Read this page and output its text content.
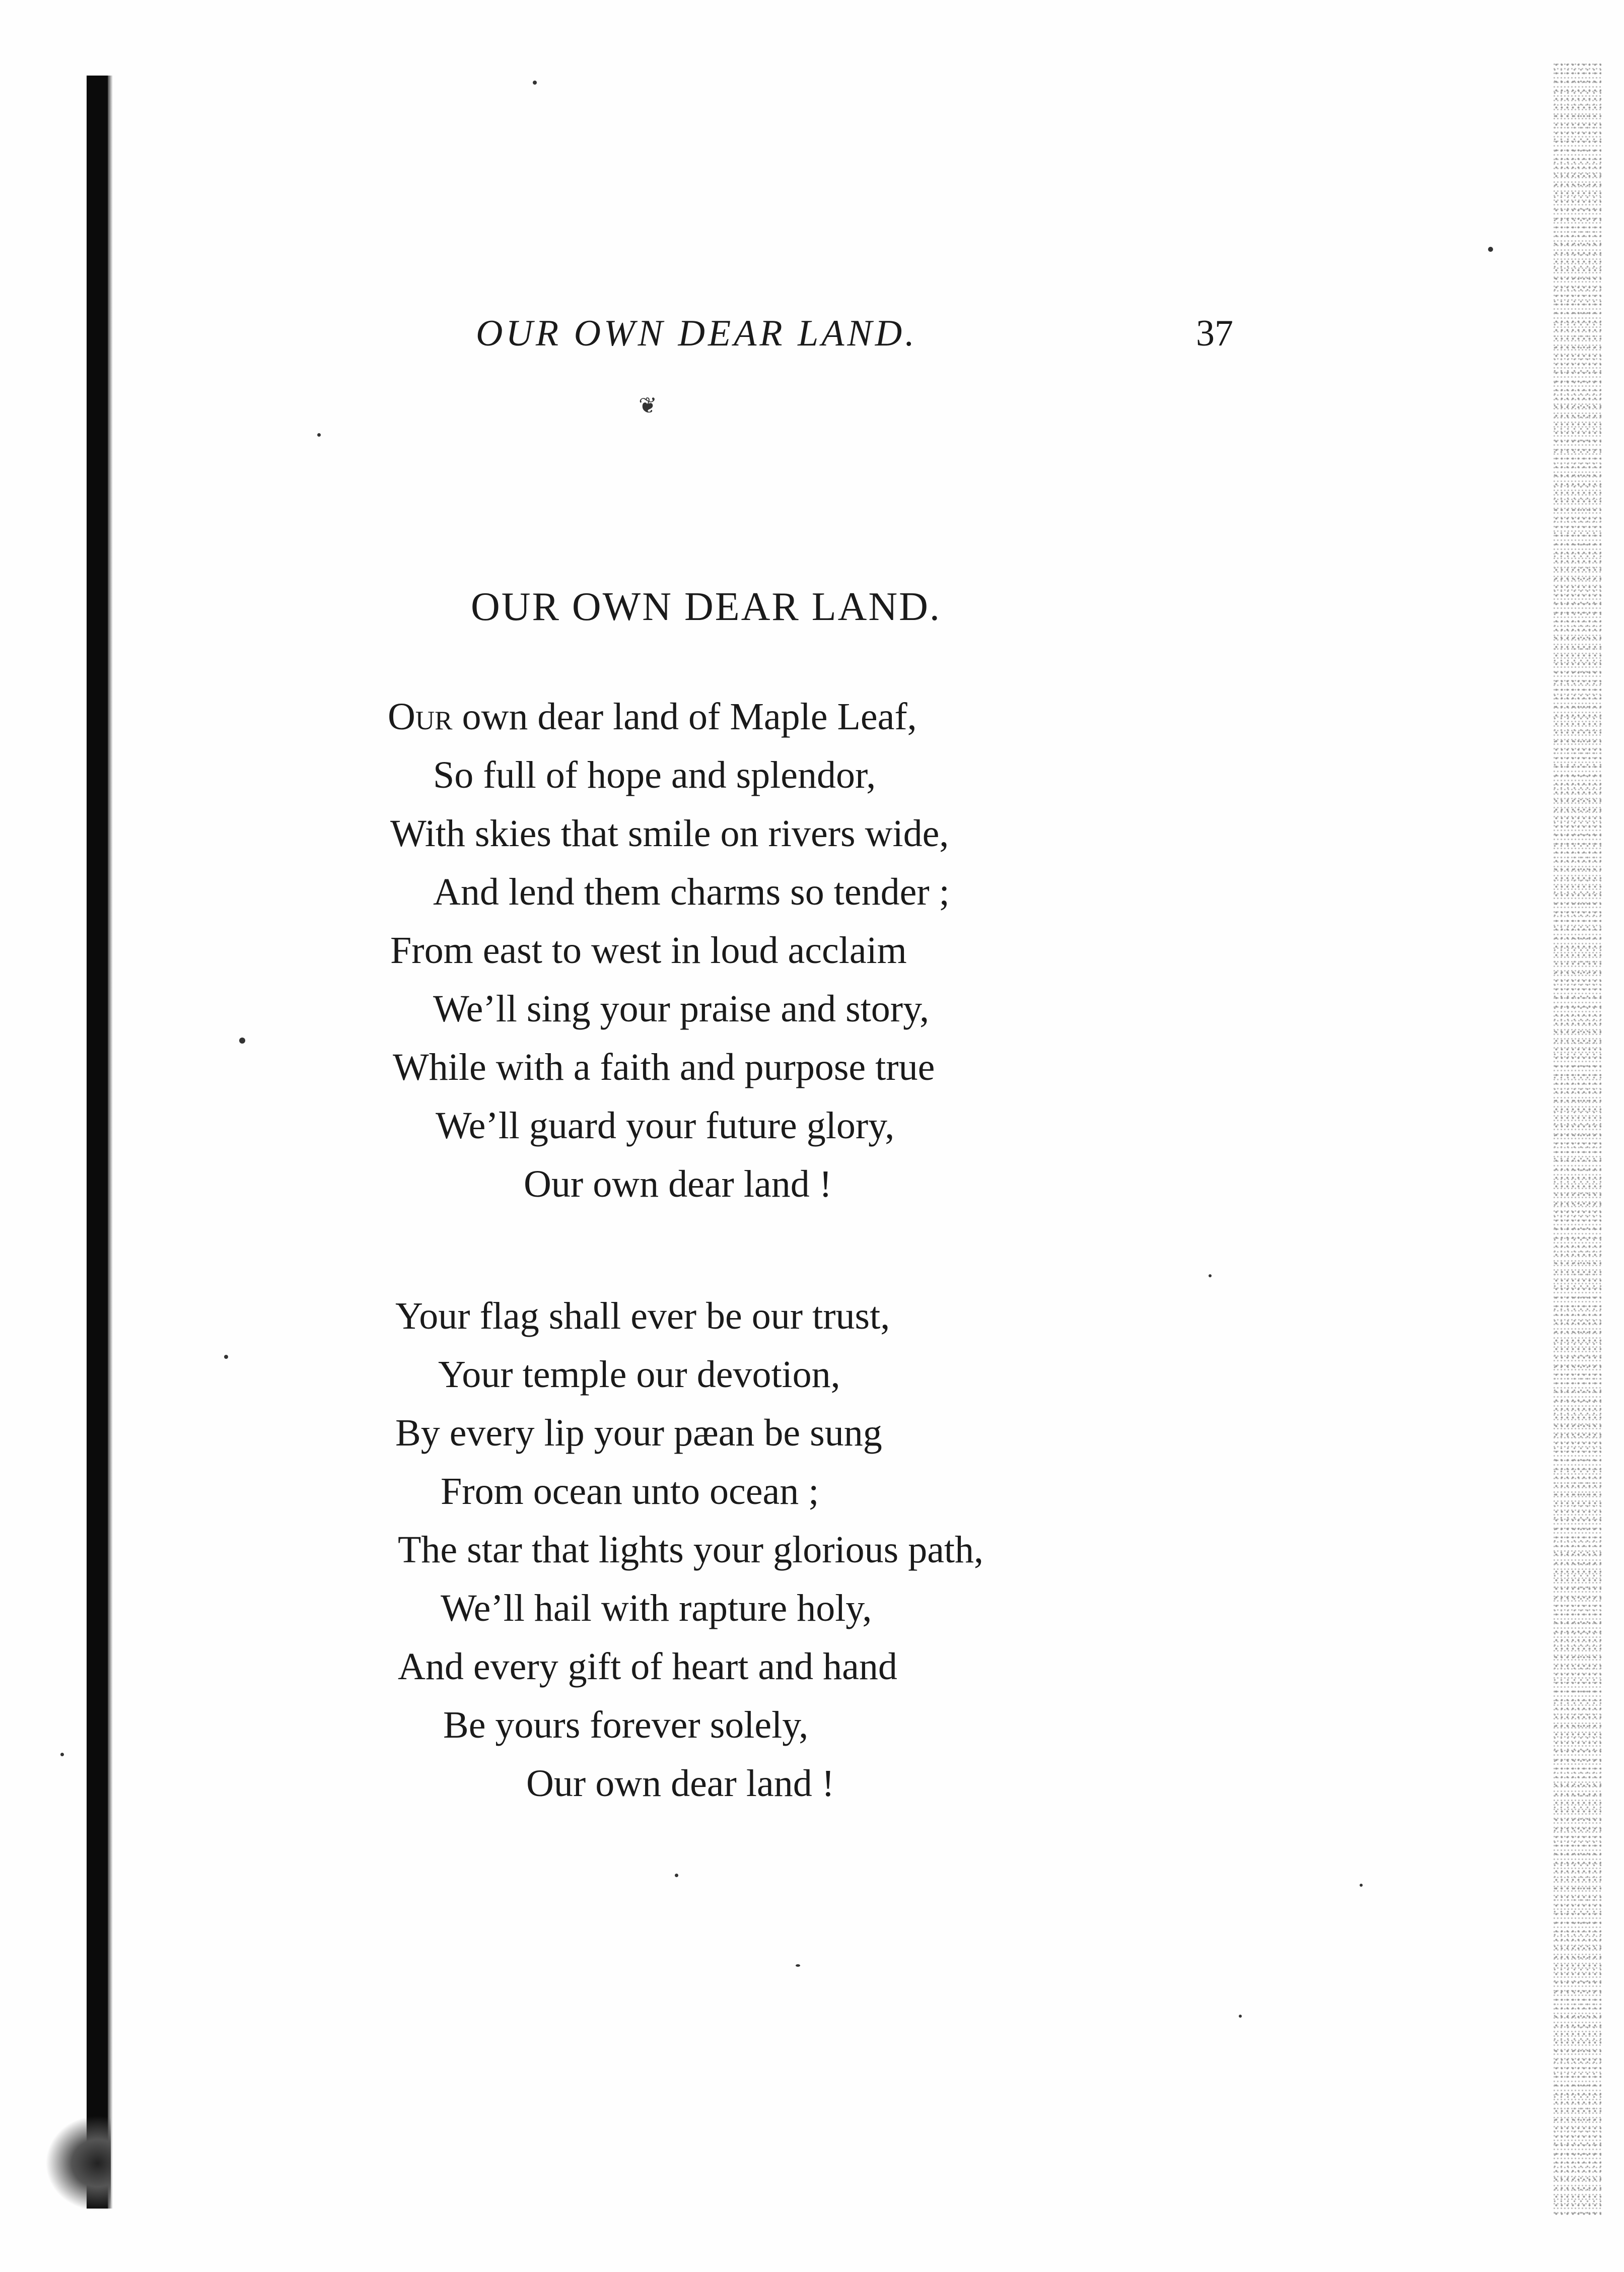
OUR OWN DEAR LAND.	37
❦
OUR OWN DEAR LAND.
Our own dear land of Maple Leaf,
So full of hope and splendor,
With skies that smile on rivers wide,
And lend them charms so tender ;
From east to west in loud acclaim
We’ll sing your praise and story,
While with a faith and purpose true
We’ll guard your future glory,
Our own dear land !
Your flag shall ever be our trust,
Your temple our devotion,
By every lip your pæan be sung
From ocean unto ocean ;
The star that lights your glorious path,
We’ll hail with rapture holy,
And every gift of heart and hand
Be yours forever solely,
Our own dear land !
